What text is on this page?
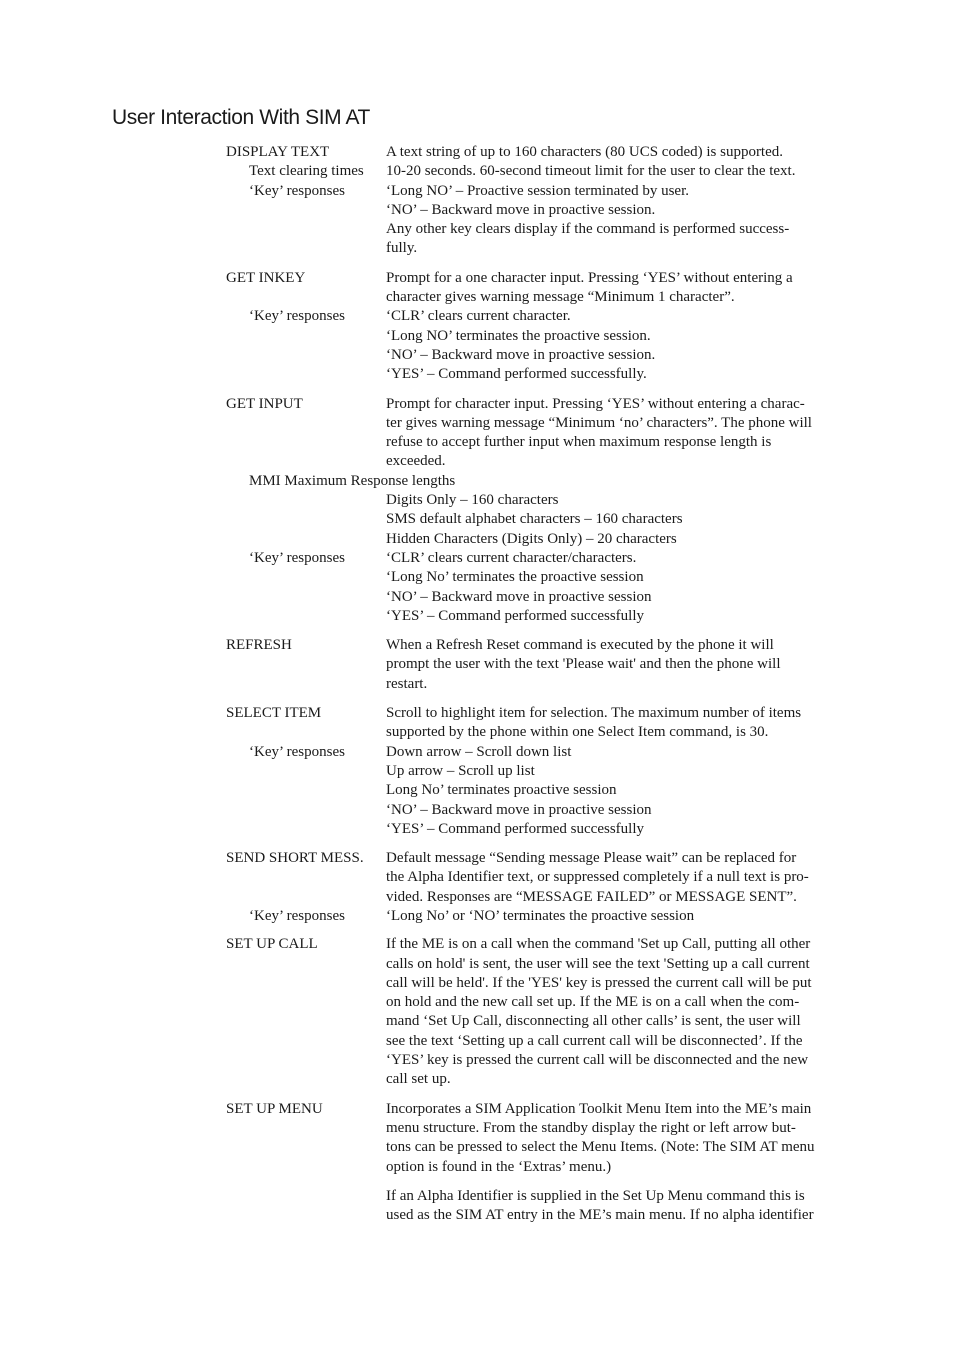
User Interaction With SIM AT
DISPLAY TEXT	A text string of up to 160 characters (80 UCS coded) is supported.
Text clearing times	10-20 seconds. 60-second timeout limit for the user to clear the text.
‘Key’ responses	‘Long NO’ – Proactive session terminated by user.
‘NO’ – Backward move in proactive session.
Any other key clears display if the command is performed success-
fully.
GET INKEY	Prompt for a one character input. Pressing ‘YES’ without entering a
character gives warning message “Minimum 1 character”.
‘Key’ responses	‘CLR’ clears current character.
‘Long NO’ terminates the proactive session.
‘NO’ – Backward move in proactive session.
‘YES’ – Command performed successfully.
GET INPUT	Prompt for character input. Pressing ‘YES’ without entering a charac-
ter gives warning message “Minimum ‘no’ characters”. The phone will
refuse to accept further input when maximum response length is
exceeded.
MMI Maximum Response lengths
Digits Only – 160 characters
SMS default alphabet characters – 160 characters
Hidden Characters (Digits Only) – 20 characters
‘Key’ responses	‘CLR’ clears current character/characters.
‘Long No’ terminates the proactive session
‘NO’ – Backward move in proactive session
‘YES’ – Command performed successfully
REFRESH	When a Refresh Reset command is executed by the phone it will
prompt the user with the text 'Please wait' and then the phone will
restart.
SELECT ITEM	Scroll to highlight item for selection. The maximum number of items
supported by the phone within one Select Item command, is 30.
‘Key’ responses	Down arrow – Scroll down list
Up arrow – Scroll up list
Long No’ terminates proactive session
‘NO’ – Backward move in proactive session
‘YES’ – Command performed successfully
SEND SHORT MESS.	Default message “Sending message Please wait” can be replaced for
the Alpha Identifier text, or suppressed completely if a null text is pro-
vided. Responses are “MESSAGE FAILED” or MESSAGE SENT”.
‘Key’ responses	‘Long No’ or ‘NO’ terminates the proactive session
SET UP CALL	If the ME is on a call when the command 'Set up Call, putting all other
calls on hold' is sent, the user will see the text 'Setting up a call current
call will be held'. If the 'YES' key is pressed the current call will be put
on hold and the new call set up. If the ME is on a call when the com-
mand ‘Set Up Call, disconnecting all other calls’ is sent, the user will
see the text ‘Setting up a call current call will be disconnected’. If the
‘YES’ key is pressed the current call will be disconnected and the new
call set up.
SET UP MENU	Incorporates a SIM Application Toolkit Menu Item into the ME’s main
menu structure. From the standby display the right or left arrow but-
tons can be pressed to select the Menu Items. (Note: The SIM AT menu
option is found in the ‘Extras’ menu.)
If an Alpha Identifier is supplied in the Set Up Menu command this is
used as the SIM AT entry in the ME’s main menu. If no alpha identifier
